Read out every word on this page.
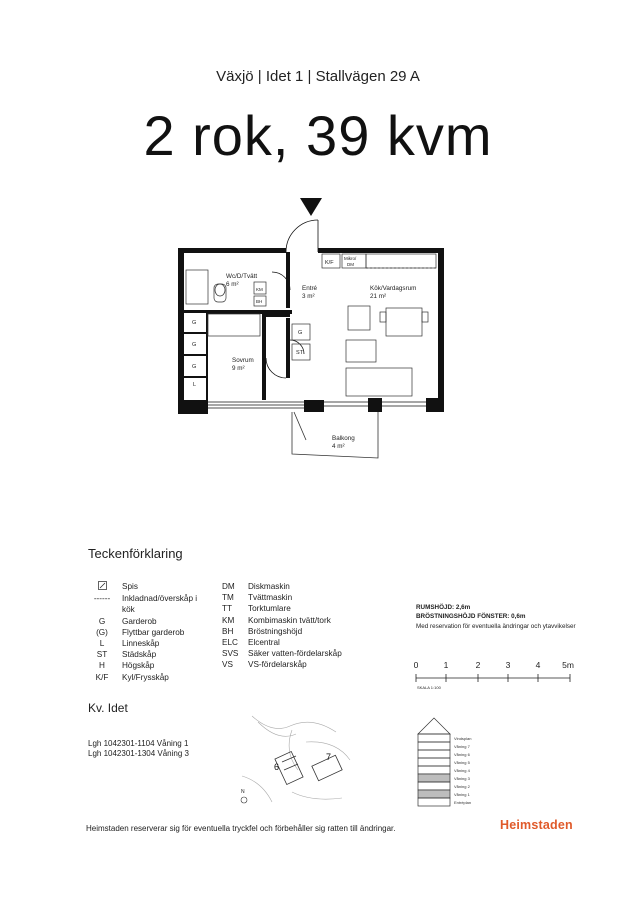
Växjö | Idet 1 | Stallvägen 29 A
2 rok, 39 kvm
G
G
G
L
G
ST
K/F
Mikro/
DM
KM
BH
Wc/D/Tvätt
6 m²
Entré
3 m²
Kök/Vardagsrum
21 m²
Sovrum
9 m²
Balkong
4 m²
Teckenförklaring
Spis
------	Inkladnad/överskåp i
kök
G	Garderob
(G)	Flyttbar garderob
L	Linneskåp
ST	Städskåp
H	Högskåp
K/F	Kyl/Frysskåp
DM	Diskmaskin
TM	Tvättmaskin
TT	Torktumlare
KM	Kombimaskin tvätt/tork
BH	Bröstningshöjd
ELC	Elcentral
SVS	Säker vatten-fördelarskåp
VS	VS-fördelarskåp
RUMSHÖJD: 2,6m
BRÖSTNINGSHÖJD FÖNSTER: 0,6m
Med reservation för eventuella ändringar och ytavvikelser
0	1	2	3	4	5m
SKALA 1:100
Kv. Idet
Lgh 1042301-1104 Våning 1
Lgh 1042301-1304 Våning 3
6
7
N
Vindsplan
Våning 7
Våning 6
Våning 5
Våning 4
Våning 3
Våning 2
Våning 1
Entréplan
Heimstaden reserverar sig för eventuella tryckfel och förbehåller sig ratten till ändringar.	Heimstaden
